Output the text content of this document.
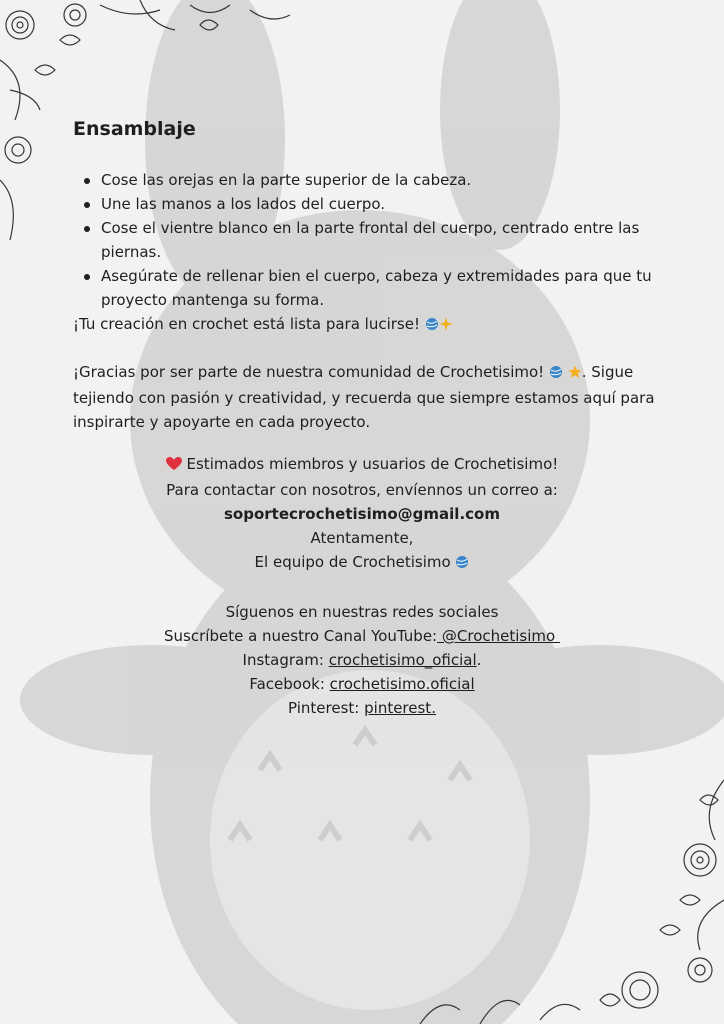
Ensamblaje
Cose las orejas en la parte superior de la cabeza.
Une las manos a los lados del cuerpo.
Cose el vientre blanco en la parte frontal del cuerpo, centrado entre las piernas.
Asegúrate de rellenar bien el cuerpo, cabeza y extremidades para que tu proyecto mantenga su forma.
¡Tu creación en crochet está lista para lucirse!
¡Gracias por ser parte de nuestra comunidad de Crochetisimo!	. Sigue tejiendo con pasión y creatividad, y recuerda que siempre estamos aquí para inspirarte y apoyarte en cada proyecto.
Estimados miembros y usuarios de Crochetisimo!
Para contactar con nosotros, envíennos un correo a:
soportecrochetisimo@gmail.com
Atentamente,
El equipo de Crochetisimo
Síguenos en nuestras redes sociales
Suscríbete a nuestro Canal YouTube: @Crochetisimo
Instagram: crochetisimo_oficial.
Facebook: crochetisimo.oficial
Pinterest: pinterest.
